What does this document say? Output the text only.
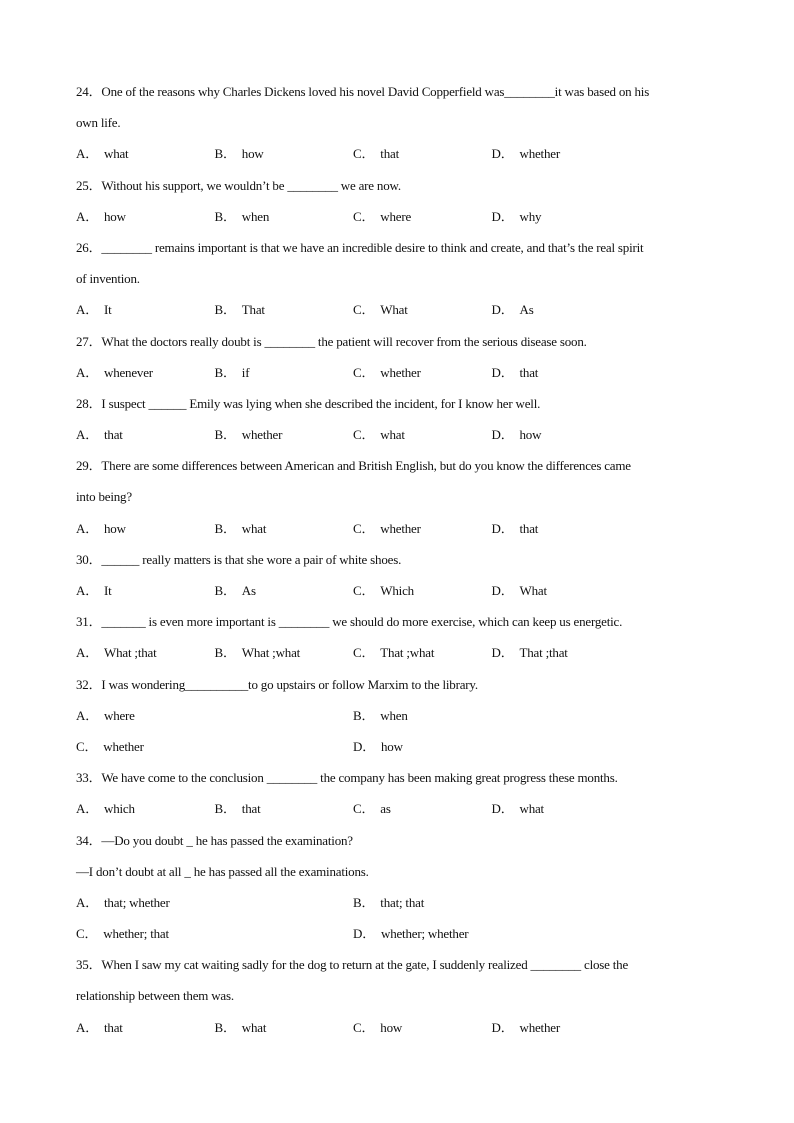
24．One of the reasons why Charles Dickens loved his novel David Copperfield was________it was based on his
own life.
A． what	B． how	C． that	D． whether
25．Without his support, we wouldn’t be ________ we are now.
A． how	B． when	C． where	D． why
26．________ remains important is that we have an incredible desire to think and create, and that’s the real spirit
of invention.
A． It	B． That	C． What	D． As
27．What the doctors really doubt is ________ the patient will recover from the serious disease soon.
A． whenever	B． if	C． whether	D． that
28．I suspect ______ Emily was lying when she described the incident, for I know her well.
A． that	B． whether	C． what	D． how
29．There are some differences between American and British English, but do you know the differences came
into being?
A． how	B． what	C． whether	D． that
30．______ really matters is that she wore a pair of white shoes.
A． It	B． As	C． Which	D． What
31．_______ is even more important is ________ we should do more exercise, which can keep us energetic.
A． What ;that	B． What ;what	C． That ;what	D． That ;that
32．I was wondering__________to go upstairs or follow Marxim to the library.
A． where	B． when
C． whether	D． how
33．We have come to the conclusion ________ the company has been making great progress these months.
A． which	B． that	C． as	D． what
34．—Do you doubt _ he has passed the examination?
—I don’t doubt at all _ he has passed all the examinations.
A． that; whether	B． that; that
C． whether; that	D． whether; whether
35．When I saw my cat waiting sadly for the dog to return at the gate, I suddenly realized ________ close the
relationship between them was.
A． that	B． what	C． how	D． whether
